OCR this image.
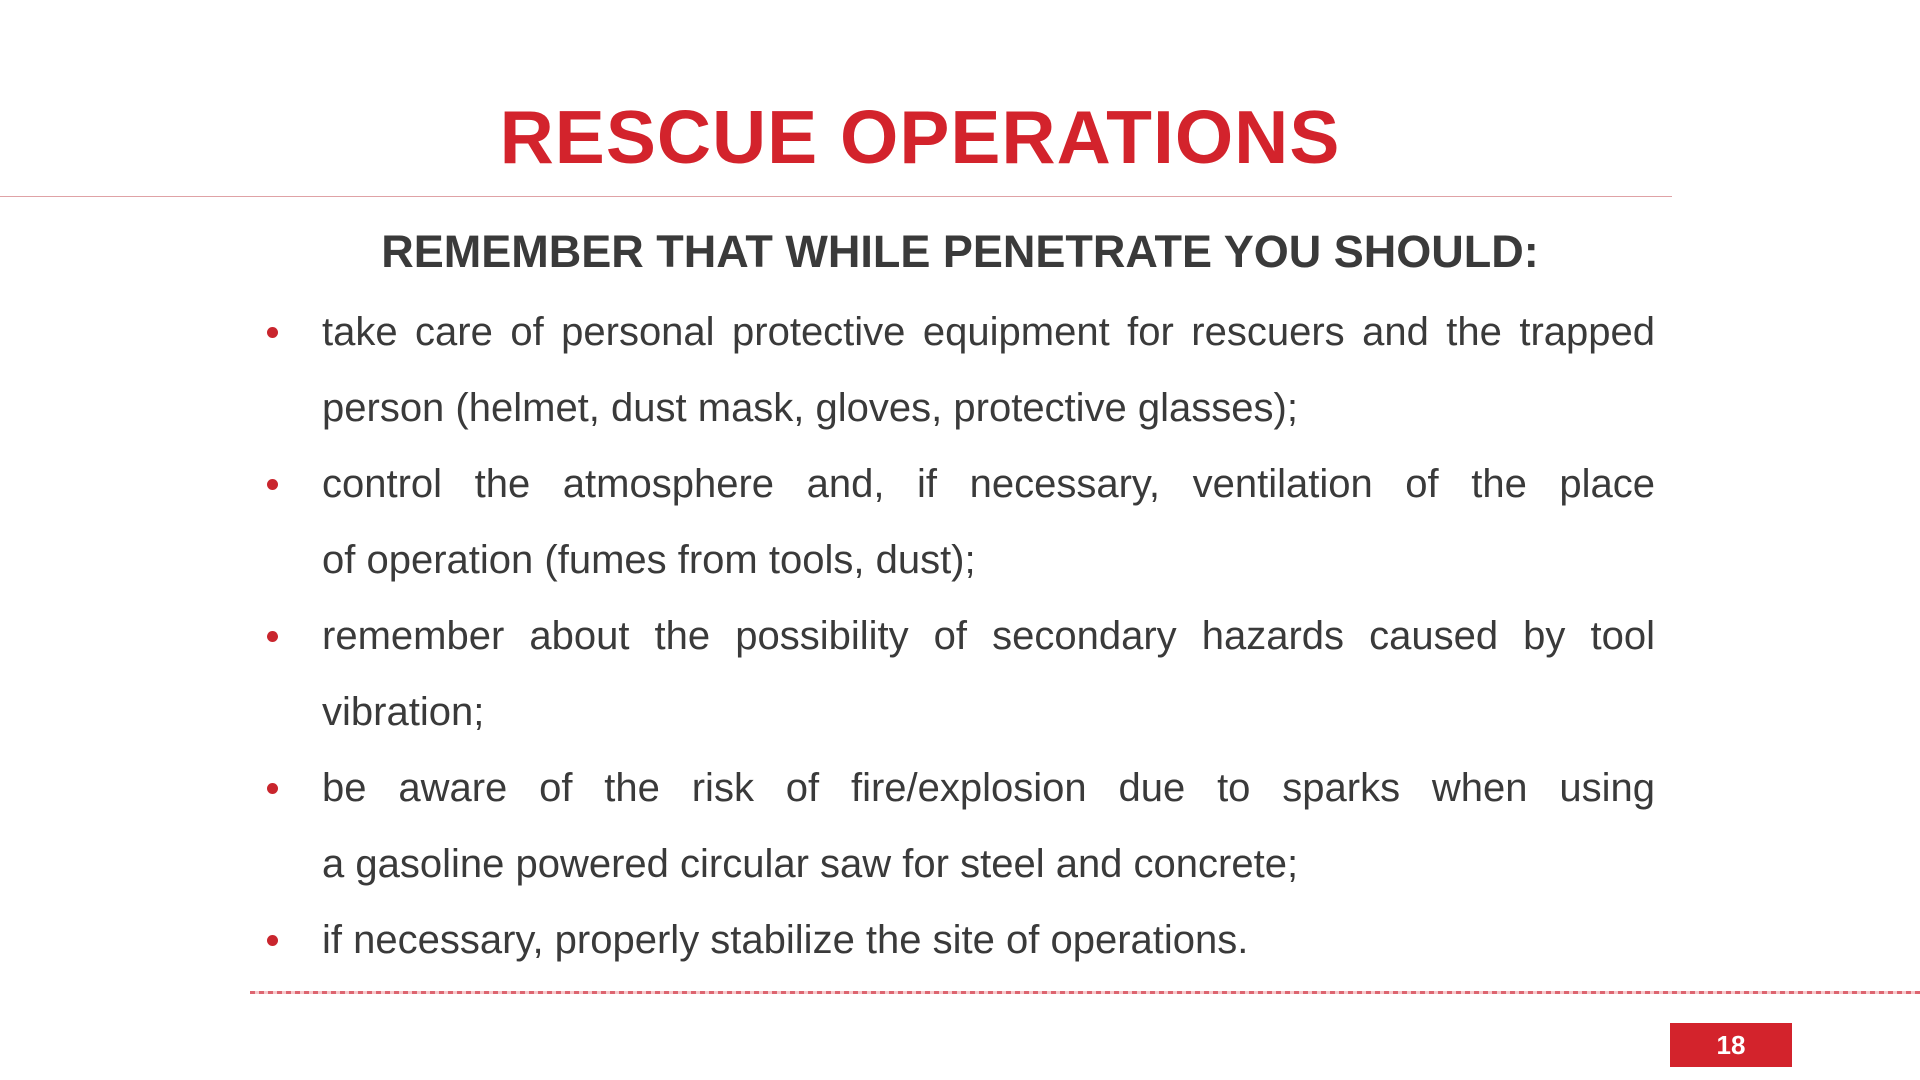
RESCUE OPERATIONS
REMEMBER THAT WHILE PENETRATE YOU SHOULD:
take care of personal protective equipment for rescuers and the trapped
person (helmet, dust mask, gloves, protective glasses);
control the atmosphere and, if necessary, ventilation of the place
of operation (fumes from tools, dust);
remember about the possibility of secondary hazards caused by tool
vibration;
be aware of the risk of fire/explosion due to sparks when using
a gasoline powered circular saw for steel and concrete;
if necessary, properly stabilize the site of operations.
18
